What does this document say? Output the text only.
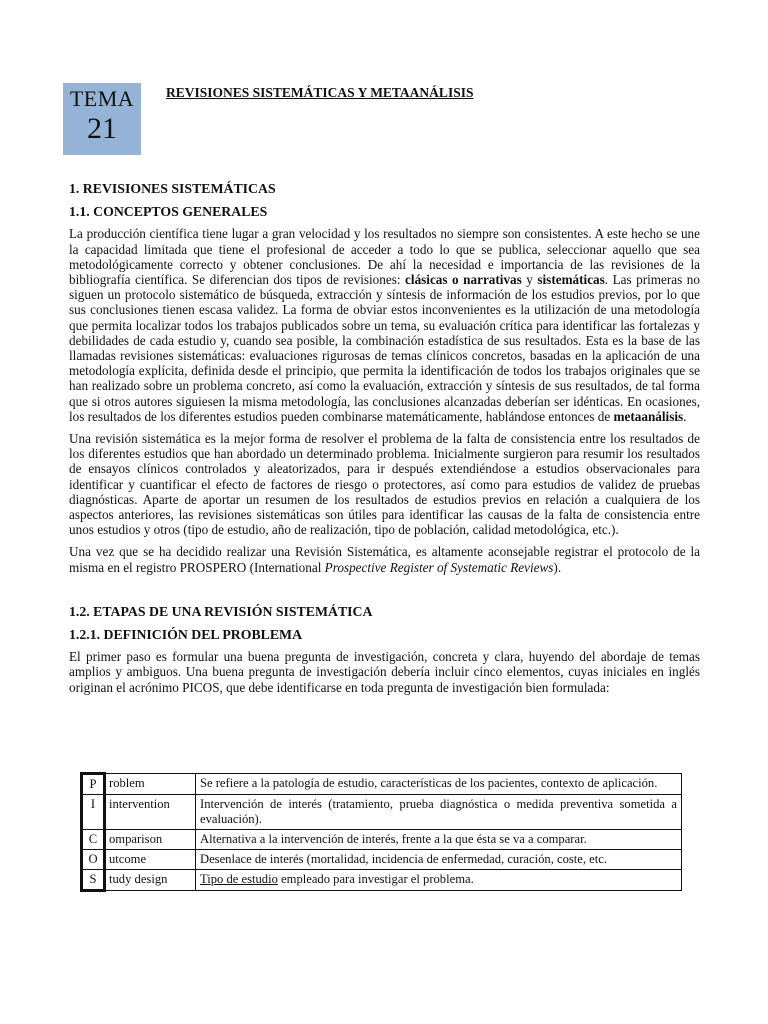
TEMA
21
REVISIONES SISTEMÁTICAS Y METAANÁLISIS
1. REVISIONES SISTEMÁTICAS
1.1. CONCEPTOS GENERALES

La producción científica tiene lugar a gran velocidad y los resultados no siempre son consistentes. A este hecho se une la capacidad limitada que tiene el profesional de acceder a todo lo que se publica, seleccionar aquello que sea metodológicamente correcto y obtener conclusiones. De ahí la necesidad e importancia de las revisiones de la bibliografía científica. Se diferencian dos tipos de revisiones: clásicas o narrativas y sistemáticas. Las primeras no siguen un protocolo sistemático de búsqueda, extracción y síntesis de información de los estudios previos, por lo que sus conclusiones tienen escasa validez. La forma de obviar estos inconvenientes es la utilización de una metodología que permita localizar todos los trabajos publicados sobre un tema, su evaluación crítica para identificar las fortalezas y debilidades de cada estudio y, cuando sea posible, la combinación estadística de sus resultados. Esta es la base de las llamadas revisiones sistemáticas: evaluaciones rigurosas de temas clínicos concretos, basadas en la aplicación de una metodología explícita, definida desde el principio, que permita la identificación de todos los trabajos originales que se han realizado sobre un problema concreto, así como la evaluación, extracción y síntesis de sus resultados, de tal forma que si otros autores siguiesen la misma metodología, las conclusiones alcanzadas deberían ser idénticas. En ocasiones, los resultados de los diferentes estudios pueden combinarse matemáticamente, hablándose entonces de metaanálisis.

Una revisión sistemática es la mejor forma de resolver el problema de la falta de consistencia entre los resultados de los diferentes estudios que han abordado un determinado problema. Inicialmente surgieron para resumir los resultados de ensayos clínicos controlados y aleatorizados, para ir después extendiéndose a estudios observacionales para identificar y cuantificar el efecto de factores de riesgo o protectores, así como para estudios de validez de pruebas diagnósticas. Aparte de aportar un resumen de los resultados de estudios previos en relación a cualquiera de los aspectos anteriores, las revisiones sistemáticas son útiles para identificar las causas de la falta de consistencia entre unos estudios y otros (tipo de estudio, año de realización, tipo de población, calidad metodológica, etc.).

Una vez que se ha decidido realizar una Revisión Sistemática, es altamente aconsejable registrar el protocolo de la misma en el registro PROSPERO (International Prospective Register of Systematic Reviews).

1.2. ETAPAS DE UNA REVISIÓN SISTEMÁTICA
1.2.1. DEFINICIÓN DEL PROBLEMA

El primer paso es formular una buena pregunta de investigación, concreta y clara, huyendo del abordaje de temas amplios y ambiguos. Una buena pregunta de investigación debería incluir cinco elementos, cuyas iniciales en inglés originan el acrónimo PICOS, que debe identificarse en toda pregunta de investigación bien formulada:

P	roblem	Se refiere a la patología de estudio, características de los pacientes, contexto de aplicación.
I	intervention	Intervención de interés (tratamiento, prueba diagnóstica o medida preventiva sometida a evaluación).
C	omparison	Alternativa a la intervención de interés, frente a la que ésta se va a comparar.
O	utcome	Desenlace de interés (mortalidad, incidencia de enfermedad, curación, coste, etc.
S	tudy design	Tipo de estudio empleado para investigar el problema.
